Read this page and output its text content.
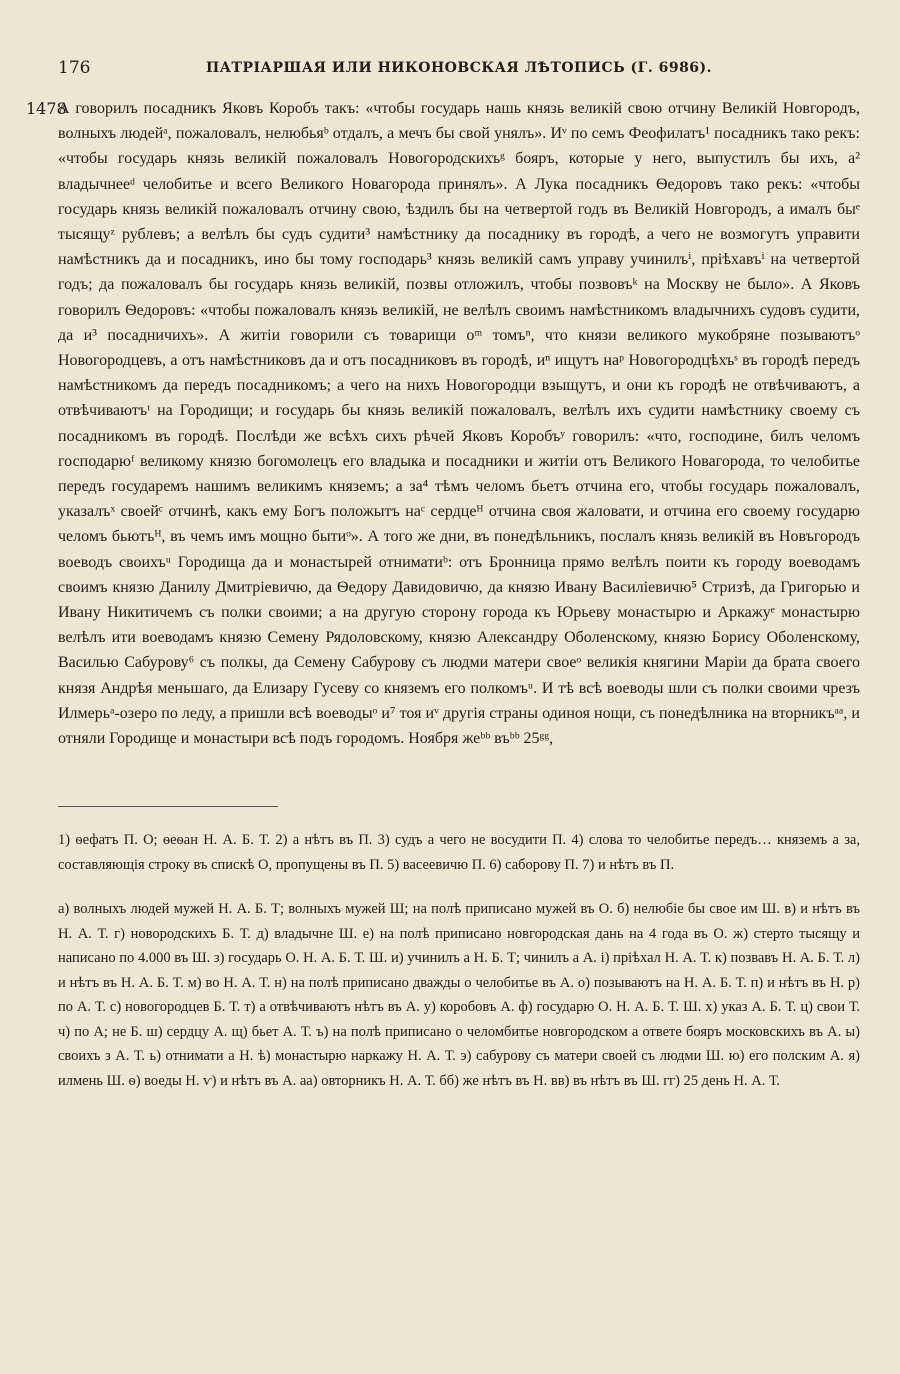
176	ПАТРІАРШАЯ ИЛИ НИКОНОВСКАЯ ЛѢТОПИСЬ (Г. 6986).
1478

А говорилъ посадникъ Яковъ Коробъ такъ: «чтобы государь нашь князь великій свою отчину Великій Новгородъ, волныхъ людейᵃ, пожаловалъ, нелюбьяᵇ отдалъ, а мечъ бы свой унялъ». Иᵛ по семъ Феофилатъ¹ посадникъ тако рекъ: «чтобы государь князь великій пожаловалъ Новогородскихъᵍ бояръ, которые у него, выпустилъ бы ихъ, а² владычнееᵈ челобитье и всего Великого Новагорода принялъ». А Лука посадникъ Ѳедоровъ тако рекъ: «чтобы государь князь великій пожаловалъ отчину свою, ѣздилъ бы на четвертой годъ въ Великій Новгородъ, а ималъ быᵉ тысящуᶻ рублевъ; а велѣлъ бы судъ судити³ намѣстнику да посаднику въ городѣ, а чего не возмогутъ управити намѣстникъ да и посадникъ, ино бы тому господарь³ князь великій самъ управу учинилъⁱ, пріѣхавъⁱ на четвертой годъ; да пожаловалъ бы государь князь великій, позвы отложилъ, чтобы позвовъᵏ на Москву не было». А Яковъ говорилъ Ѳедоровъ: «чтобы пожаловалъ князь великій, не велѣлъ своимъ намѣстникомъ владычнихъ судовъ судити, да и³ посадничихъ». А житіи говорили съ товарищи оᵐ томъⁿ, что князи великого мукобряне позываютъᵒ Новогородцевъ, а отъ намѣстниковъ да и отъ посадниковъ въ городѣ, иⁿ ищутъ наᵖ Новогородцѣхъˢ въ городѣ передъ намѣстникомъ да передъ посадникомъ; а чего на нихъ Новогородци взыщутъ, и они къ городѣ не отвѣчиваютъ, а отвѣчиваютъᵗ на Городищи; и государь бы князь великій пожаловалъ, велѣлъ ихъ судити намѣстнику своему съ посадникомъ въ городѣ. Послѣди же всѣхъ сихъ рѣчей Яковъ Коробъʸ говорилъ: «что, господине, билъ челомъ господарюᶠ великому князю богомолецъ его владыка и посадники и житіи отъ Великого Новагорода, то челобитье передъ государемъ нашимъ великимъ княземъ; а за⁴ тѣмъ челомъ бьетъ отчина его, чтобы государь пожаловалъ, указалъˣ своейᶜ отчинѣ, какъ ему Богъ положытъ наᶜ сердцеᴴ отчина своя жаловати, и отчина его своему государю челомъ бьютъᴴ, въ чемъ имъ мощно бытиᵒ». А того же дни, въ понедѣльникъ, послалъ князь великій въ Новъгородъ воеводъ своихъᵘ Городища да и монастырей отниматиᵇ: отъ Бронница прямо велѣлъ поити къ городу воеводамъ своимъ князю Данилу Дмитріевичю, да Ѳедору Давидовичю, да князю Ивану Василіевичю⁵ Стризѣ, да Григорью и Ивану Никитичемъ съ полки своими; а на другую сторону города къ Юрьеву монастырю и Аркажуᵉ монастырю велѣлъ ити воеводамъ князю Семену Рядоловскому, князю Александру Оболенскому, князю Борису Оболенскому, Василью Сабурову⁶ съ полкы, да Семену Сабурову съ людми матери своеᵒ великія княгини Маріи да брата своего князя Андрѣя меньшаго, да Елизару Гусеву со княземъ его полкомъᵘ. И тѣ всѣ воеводы шли съ полки своими чрезъ Илмерьᵃ-озеро по леду, а пришли всѣ воеводыᵒ и⁷ тоя иᵛ другія страны одиноя нощи, съ понедѣлника на вторникъᵃᵃ, и отняли Городище и монастыри всѣ подъ городомъ. Ноября жеᵇᵇ въᵇᵇ 25ᵍᵍ,

1) ѳефатъ П. О; ѳеѳан Н. А. Б. Т. 2) а нѣтъ въ П. 3) судъ а чего не восудити П. 4) слова то челобитье передъ… княземъ а за, составляющія строку въ спискѣ О, пропущены въ П. 5) васеевичю П. 6) саборову П. 7) и нѣтъ въ П.

а) волныхъ людей мужей Н. А. Б. Т; волныхъ мужей Ш; на полѣ приписано мужей въ О. б) нелюбіе бы свое им Ш. в) и нѣтъ въ Н. А. Т. г) новородскихъ Б. Т. д) владычне Ш. е) на полѣ приписано новгородская дань на 4 года въ О. ж) стерто тысящу и написано по 4.000 въ Ш. з) государь О. Н. А. Б. Т. Ш. и) учинилъ а Н. Б. Т; чинилъ а А. і) пріѣхал Н. А. Т. к) позвавъ Н. А. Б. Т. л) и нѣтъ въ Н. А. Б. Т. м) во Н. А. Т. н) на полѣ приписано дважды о челобитье въ А. о) позываютъ на Н. А. Б. Т. п) и нѣтъ въ Н. р) по А. Т. с) новогородцев Б. Т. т) а отвѣчиваютъ нѣтъ въ А. у) коробовъ А. ф) государю О. Н. А. Б. Т. Ш. х) указ А. Б. Т. ц) свои Т. ч) по А; не Б. ш) сердцу А. щ) бьет А. Т. ъ) на полѣ приписано о челомбитье новгородском а ответе бояръ московскихъ въ А. ы) своихъ з А. Т. ь) отнимати а Н. ѣ) монастырю наркажу Н. А. Т. э) сабурову съ матери своей съ людми Ш. ю) его полским А. я) илмень Ш. ѳ) воеды Н. ѵ) и нѣтъ въ А. аа) овторникъ Н. А. Т. бб) же нѣтъ въ Н. вв) въ нѣтъ въ Ш. гг) 25 день Н. А. Т.
